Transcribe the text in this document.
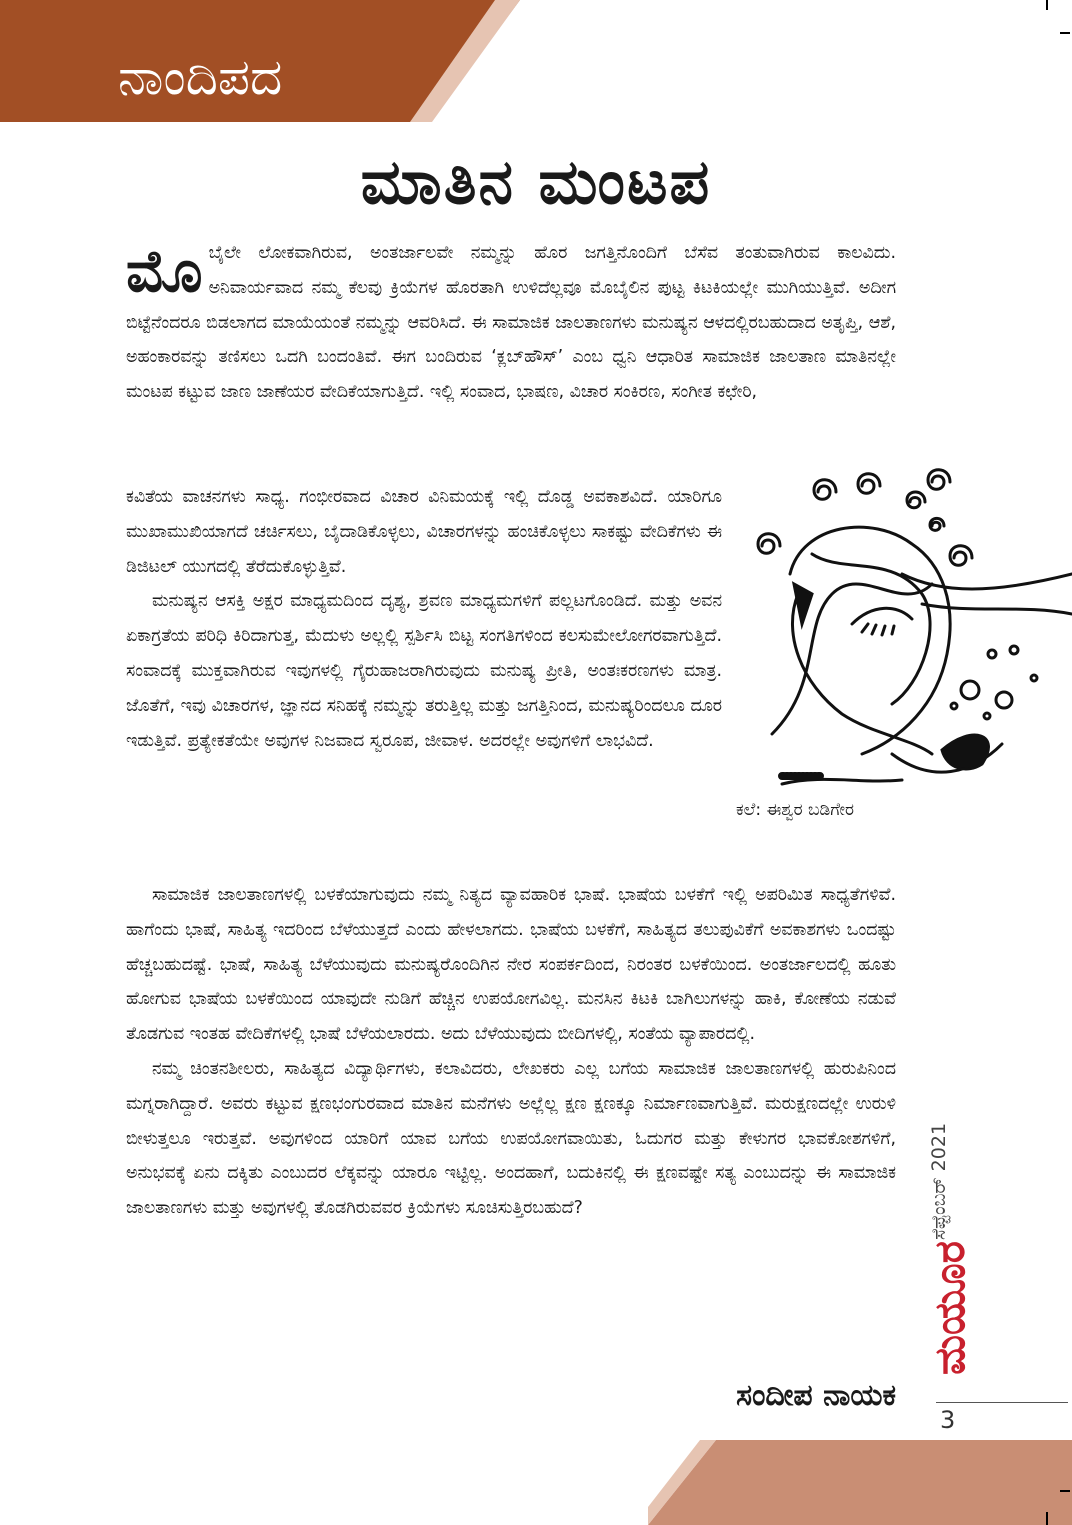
ನಾಂದಿಪದ
ಮಾತಿನ ಮಂಟಪ

ಮೊಬೈಲೇ ಲೋಕವಾಗಿರುವ, ಅಂತರ್ಜಾಲವೇ ನಮ್ಮನ್ನು ಹೊರ ಜಗತ್ತಿನೊಂದಿಗೆ ಬೆಸೆವ ತಂತುವಾಗಿರುವ ಕಾಲವಿದು. ಅನಿವಾರ್ಯವಾದ ನಮ್ಮ ಕೆಲವು ಕ್ರಿಯೆಗಳ ಹೊರತಾಗಿ ಉಳಿದೆಲ್ಲವೂ ಮೊಬೈಲಿನ ಪುಟ್ಟ ಕಿಟಕಿಯಲ್ಲೇ ಮುಗಿಯುತ್ತಿವೆ. ಅದೀಗ ಬಿಟ್ಟೆನೆಂದರೂ ಬಿಡಲಾಗದ ಮಾಯೆಯಂತೆ ನಮ್ಮನ್ನು ಆವರಿಸಿದೆ. ಈ ಸಾಮಾಜಿಕ ಜಾಲತಾಣಗಳು ಮನುಷ್ಯನ ಆಳದಲ್ಲಿರಬಹುದಾದ ಅತೃಪ್ತಿ, ಆಶೆ, ಅಹಂಕಾರವನ್ನು ತಣಿಸಲು ಒದಗಿ ಬಂದಂತಿವೆ. ಈಗ ಬಂದಿರುವ ‘ಕ್ಲಬ್‌ಹೌಸ್’ ಎಂಬ ಧ್ವನಿ ಆಧಾರಿತ ಸಾಮಾಜಿಕ ಜಾಲತಾಣ ಮಾತಿನಲ್ಲೇ ಮಂಟಪ ಕಟ್ಟುವ ಜಾಣ ಜಾಣೆಯರ ವೇದಿಕೆಯಾಗುತ್ತಿದೆ. ಇಲ್ಲಿ ಸಂವಾದ, ಭಾಷಣ, ವಿಚಾರ ಸಂಕಿರಣ, ಸಂಗೀತ ಕಛೇರಿ,

ಕವಿತೆಯ ವಾಚನಗಳು ಸಾಧ್ಯ. ಗಂಭೀರವಾದ ವಿಚಾರ ವಿನಿಮಯಕ್ಕೆ ಇಲ್ಲಿ ದೊಡ್ಡ ಅವಕಾಶವಿದೆ. ಯಾರಿಗೂ ಮುಖಾಮುಖಿಯಾಗದೆ ಚರ್ಚಿಸಲು, ಬೈದಾಡಿಕೊಳ್ಳಲು, ವಿಚಾರಗಳನ್ನು ಹಂಚಿಕೊಳ್ಳಲು ಸಾಕಷ್ಟು ವೇದಿಕೆಗಳು ಈ ಡಿಜಿಟಲ್ ಯುಗದಲ್ಲಿ ತೆರೆದುಕೊಳ್ಳುತ್ತಿವೆ.

ಮನುಷ್ಯನ ಆಸಕ್ತಿ ಅಕ್ಷರ ಮಾಧ್ಯಮದಿಂದ ದೃಶ್ಯ, ಶ್ರವಣ ಮಾಧ್ಯಮಗಳಿಗೆ ಪಲ್ಲಟಗೊಂಡಿದೆ. ಮತ್ತು ಅವನ ಏಕಾಗ್ರತೆಯ ಪರಿಧಿ ಕಿರಿದಾಗುತ್ತ, ಮೆದುಳು ಅಲ್ಲಲ್ಲಿ ಸ್ಪರ್ಶಿಸಿ ಬಿಟ್ಟ ಸಂಗತಿಗಳಿಂದ ಕಲಸುಮೇಲೋಗರವಾಗುತ್ತಿದೆ. ಸಂವಾದಕ್ಕೆ ಮುಕ್ತವಾಗಿರುವ ಇವುಗಳಲ್ಲಿ ಗೈರುಹಾಜರಾಗಿರುವುದು ಮನುಷ್ಯ ಪ್ರೀತಿ, ಅಂತಃಕರಣಗಳು ಮಾತ್ರ. ಜೊತೆಗೆ, ಇವು ವಿಚಾರಗಳ, ಜ್ಞಾನದ ಸನಿಹಕ್ಕೆ ನಮ್ಮನ್ನು ತರುತ್ತಿಲ್ಲ ಮತ್ತು ಜಗತ್ತಿನಿಂದ, ಮನುಷ್ಯರಿಂದಲೂ ದೂರ ಇಡುತ್ತಿವೆ. ಪ್ರತ್ಯೇಕತೆಯೇ ಅವುಗಳ ನಿಜವಾದ ಸ್ವರೂಪ, ಜೀವಾಳ. ಅದರಲ್ಲೇ ಅವುಗಳಿಗೆ ಲಾಭವಿದೆ.

ಕಲೆ: ಈಶ್ವರ ಬಡಿಗೇರ

ಸಾಮಾಜಿಕ ಜಾಲತಾಣಗಳಲ್ಲಿ ಬಳಕೆಯಾಗುವುದು ನಮ್ಮ ನಿತ್ಯದ ವ್ಯಾವಹಾರಿಕ ಭಾಷೆ. ಭಾಷೆಯ ಬಳಕೆಗೆ ಇಲ್ಲಿ ಅಪರಿಮಿತ ಸಾಧ್ಯತೆಗಳಿವೆ. ಹಾಗೆಂದು ಭಾಷೆ, ಸಾಹಿತ್ಯ ಇದರಿಂದ ಬೆಳೆಯುತ್ತದೆ ಎಂದು ಹೇಳಲಾಗದು. ಭಾಷೆಯ ಬಳಕೆಗೆ, ಸಾಹಿತ್ಯದ ತಲುಪುವಿಕೆಗೆ ಅವಕಾಶಗಳು ಒಂದಷ್ಟು ಹೆಚ್ಚಬಹುದಷ್ಟೆ. ಭಾಷೆ, ಸಾಹಿತ್ಯ ಬೆಳೆಯುವುದು ಮನುಷ್ಯರೊಂದಿಗಿನ ನೇರ ಸಂಪರ್ಕದಿಂದ, ನಿರಂತರ ಬಳಕೆಯಿಂದ. ಅಂತರ್ಜಾಲದಲ್ಲಿ ಹೂತು ಹೋಗುವ ಭಾಷೆಯ ಬಳಕೆಯಿಂದ ಯಾವುದೇ ನುಡಿಗೆ ಹೆಚ್ಚಿನ ಉಪಯೋಗವಿಲ್ಲ. ಮನಸಿನ ಕಿಟಕಿ ಬಾಗಿಲುಗಳನ್ನು ಹಾಕಿ, ಕೋಣೆಯ ನಡುವೆ ತೊಡಗುವ ಇಂತಹ ವೇದಿಕೆಗಳಲ್ಲಿ ಭಾಷೆ ಬೆಳೆಯಲಾರದು. ಅದು ಬೆಳೆಯುವುದು ಬೀದಿಗಳಲ್ಲಿ, ಸಂತೆಯ ವ್ಯಾಪಾರದಲ್ಲಿ.

ನಮ್ಮ ಚಿಂತನಶೀಲರು, ಸಾಹಿತ್ಯದ ವಿದ್ಯಾರ್ಥಿಗಳು, ಕಲಾವಿದರು, ಲೇಖಕರು ಎಲ್ಲ ಬಗೆಯ ಸಾಮಾಜಿಕ ಜಾಲತಾಣಗಳಲ್ಲಿ ಹುರುಪಿನಿಂದ ಮಗ್ನರಾಗಿದ್ದಾರೆ. ಅವರು ಕಟ್ಟುವ ಕ್ಷಣಭಂಗುರವಾದ ಮಾತಿನ ಮನೆಗಳು ಅಲ್ಲೆಲ್ಲ ಕ್ಷಣ ಕ್ಷಣಕ್ಕೂ ನಿರ್ಮಾಣವಾಗುತ್ತಿವೆ. ಮರುಕ್ಷಣದಲ್ಲೇ ಉರುಳಿ ಬೀಳುತ್ತಲೂ ಇರುತ್ತವೆ. ಅವುಗಳಿಂದ ಯಾರಿಗೆ ಯಾವ ಬಗೆಯ ಉಪಯೋಗವಾಯಿತು, ಓದುಗರ ಮತ್ತು ಕೇಳುಗರ ಭಾವಕೋಶಗಳಿಗೆ, ಅನುಭವಕ್ಕೆ ಏನು ದಕ್ಕಿತು ಎಂಬುದರ ಲೆಕ್ಕವನ್ನು ಯಾರೂ ಇಟ್ಟಿಲ್ಲ. ಅಂದಹಾಗೆ, ಬದುಕಿನಲ್ಲಿ ಈ ಕ್ಷಣವಷ್ಟೇ ಸತ್ಯ ಎಂಬುದನ್ನು ಈ ಸಾಮಾಜಿಕ ಜಾಲತಾಣಗಳು ಮತ್ತು ಅವುಗಳಲ್ಲಿ ತೊಡಗಿರುವವರ ಕ್ರಿಯೆಗಳು ಸೂಚಿಸುತ್ತಿರಬಹುದೆ?

ಸಂದೀಪ ನಾಯಕ
ಸೆಪ್ಟೆಂಬರ್ 2021
ಮಯೂರ
3
